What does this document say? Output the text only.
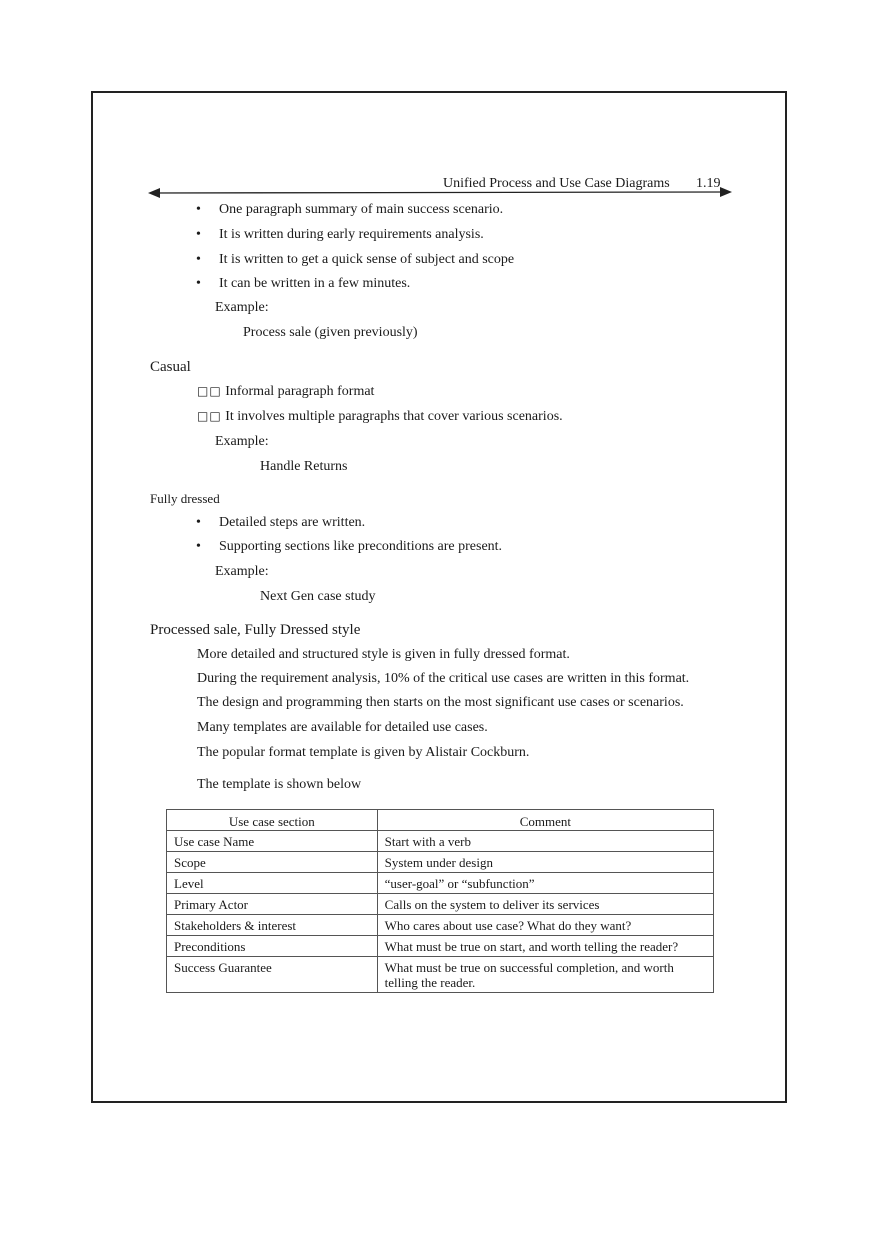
Unified Process and Use Case Diagrams 1.19
• One paragraph summary of main success scenario.
• It is written during early requirements analysis.
• It is written to get a quick sense of subject and scope
• It can be written in a few minutes.
Example:
Process sale (given previously)
Casual
□□ Informal paragraph format
□□ It involves multiple paragraphs that cover various scenarios.
Example:
Handle Returns
Fully dressed
• Detailed steps are written.
• Supporting sections like preconditions are present.
Example:
Next Gen case study
Processed sale, Fully Dressed style
More detailed and structured style is given in fully dressed format.
During the requirement analysis, 10% of the critical use cases are written in this format.
The design and programming then starts on the most significant use cases or scenarios.
Many templates are available for detailed use cases.
The popular format template is given by Alistair Cockburn.
The template is shown below
Use case section	Comment
Use case Name	Start with a verb
Scope	System under design
Level	“user-goal” or “subfunction”
Primary Actor	Calls on the system to deliver its services
Stakeholders & interest	Who cares about use case? What do they want?
Preconditions	What must be true on start, and worth telling the reader?
Success Guarantee	What must be true on successful completion, and worth telling the reader.
